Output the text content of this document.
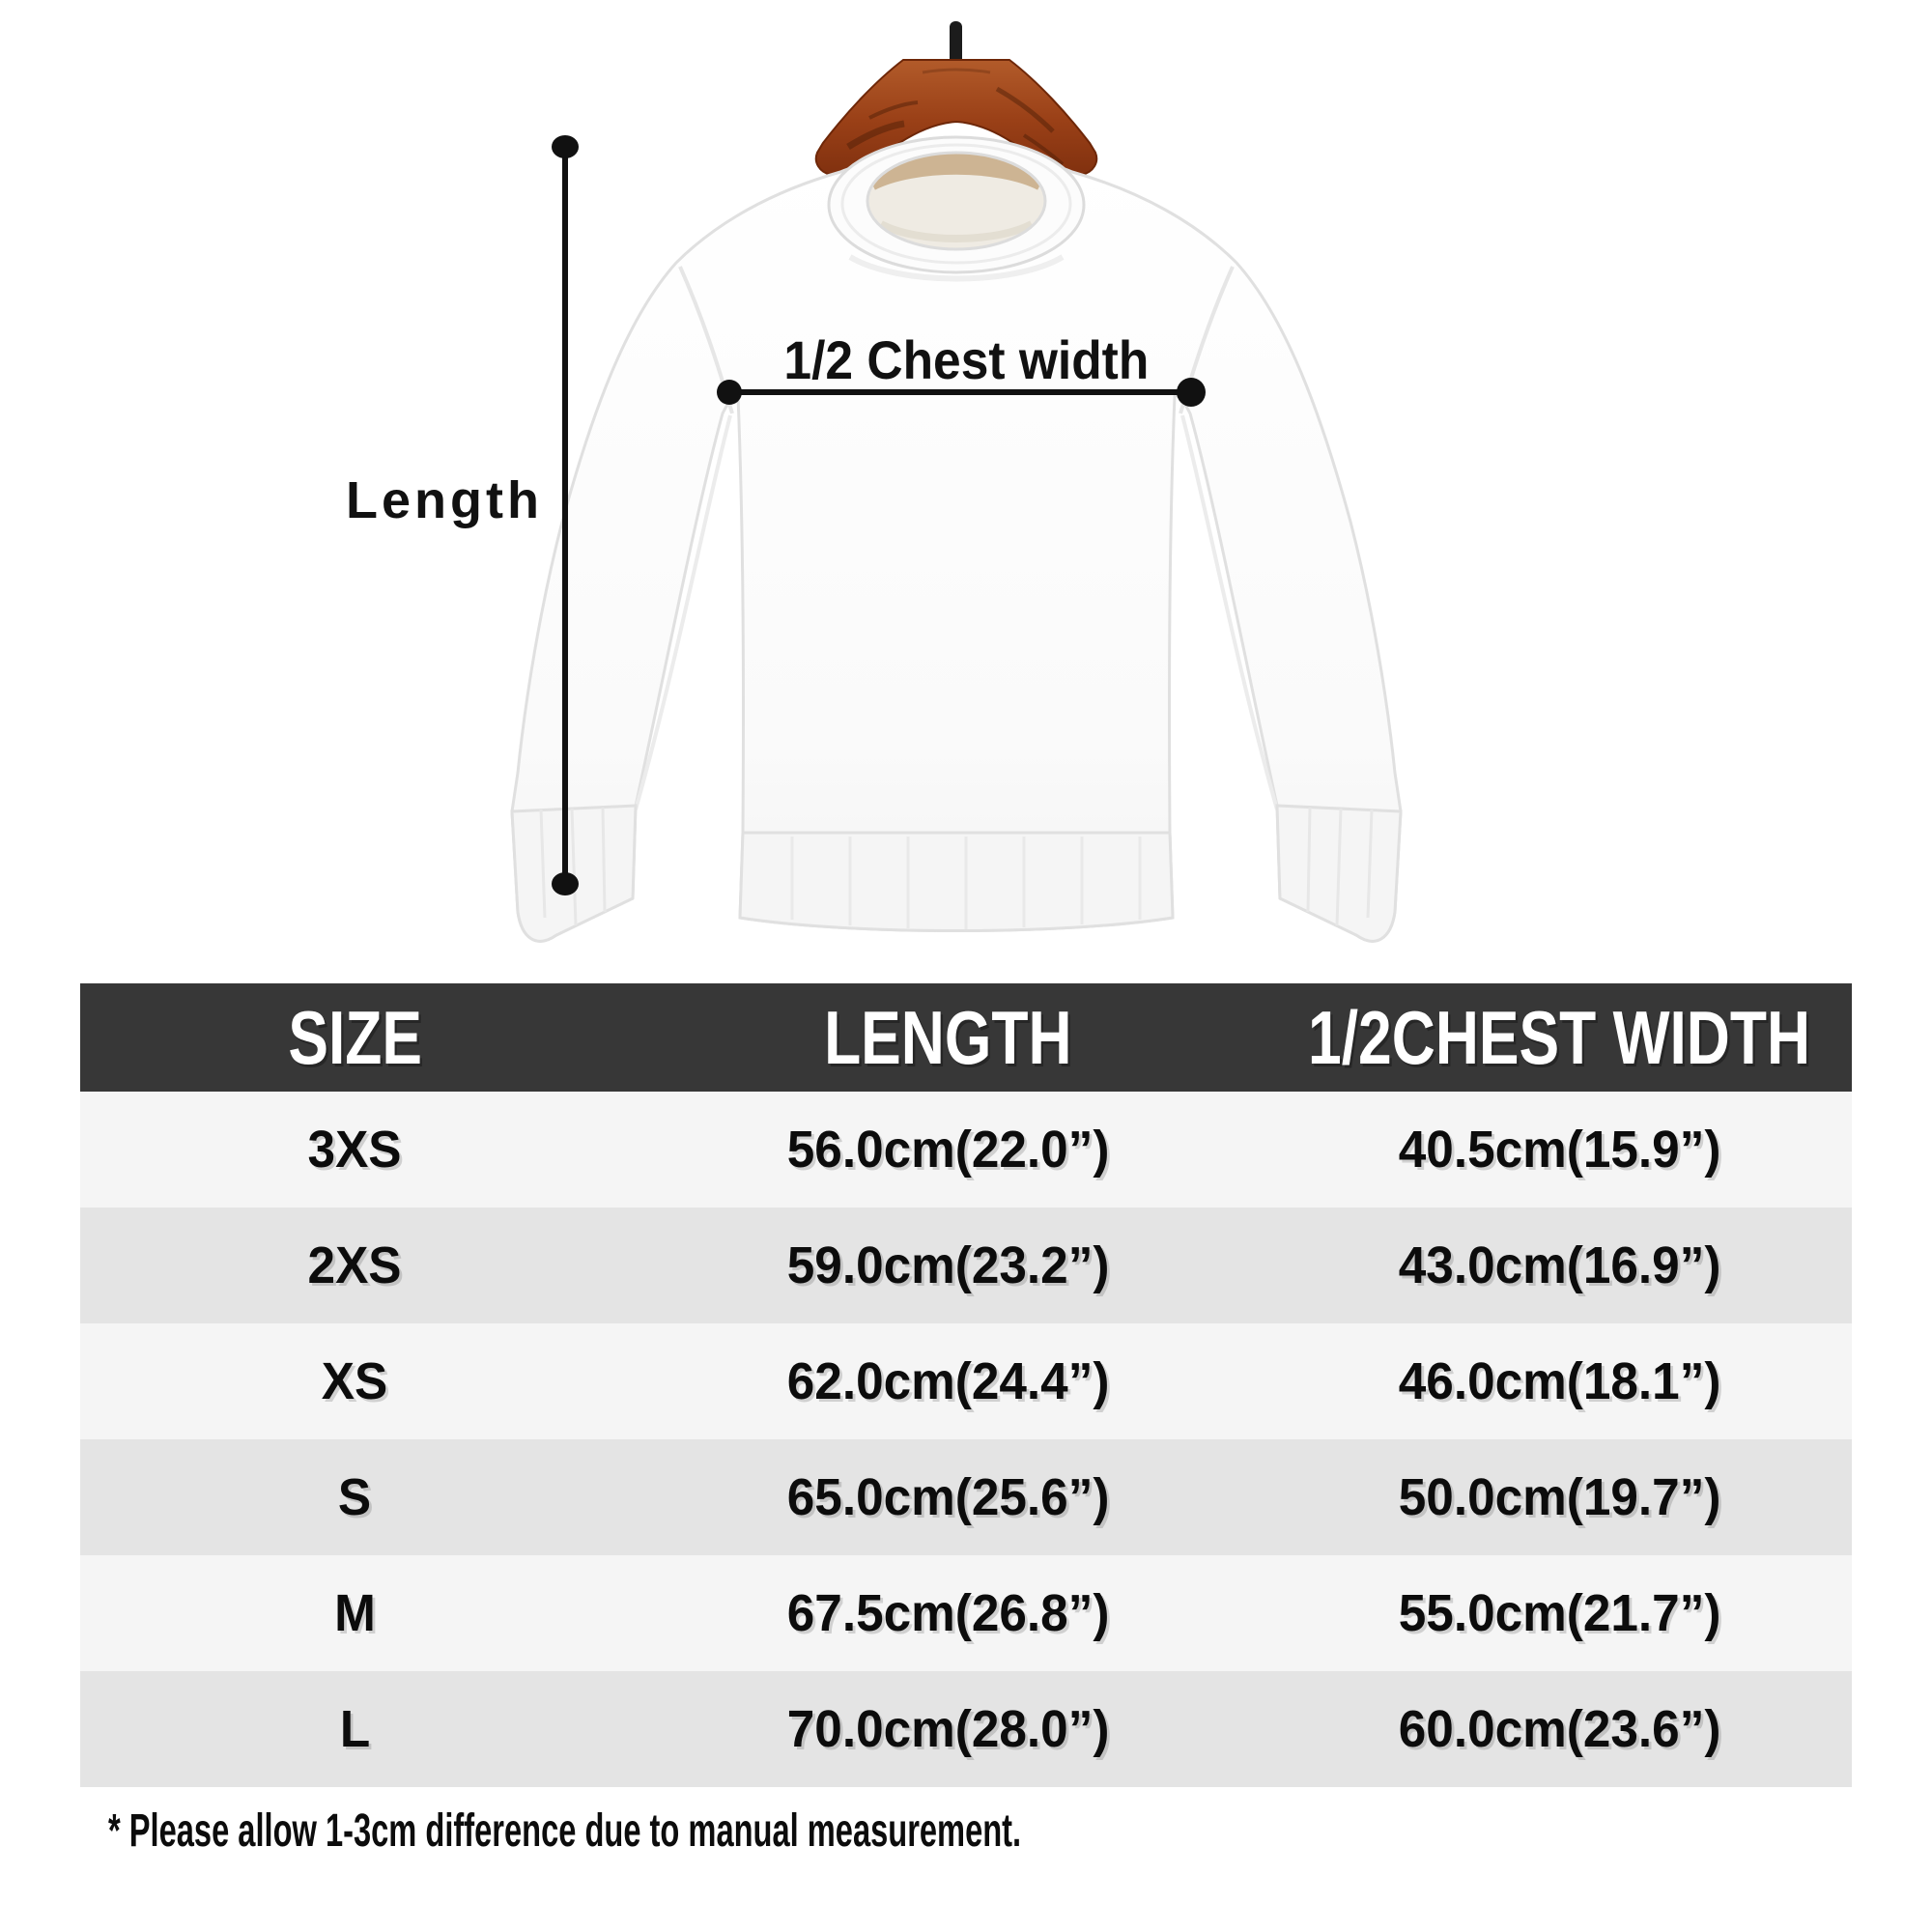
Length
1/2 Chest width
SIZE	LENGTH	1/2CHEST WIDTH
3XS	56.0cm(22.0”)	40.5cm(15.9”)
2XS	59.0cm(23.2”)	43.0cm(16.9”)
XS	62.0cm(24.4”)	46.0cm(18.1”)
S	65.0cm(25.6”)	50.0cm(19.7”)
M	67.5cm(26.8”)	55.0cm(21.7”)
L	70.0cm(28.0”)	60.0cm(23.6”)
* Please allow 1-3cm difference due to manual measurement.
